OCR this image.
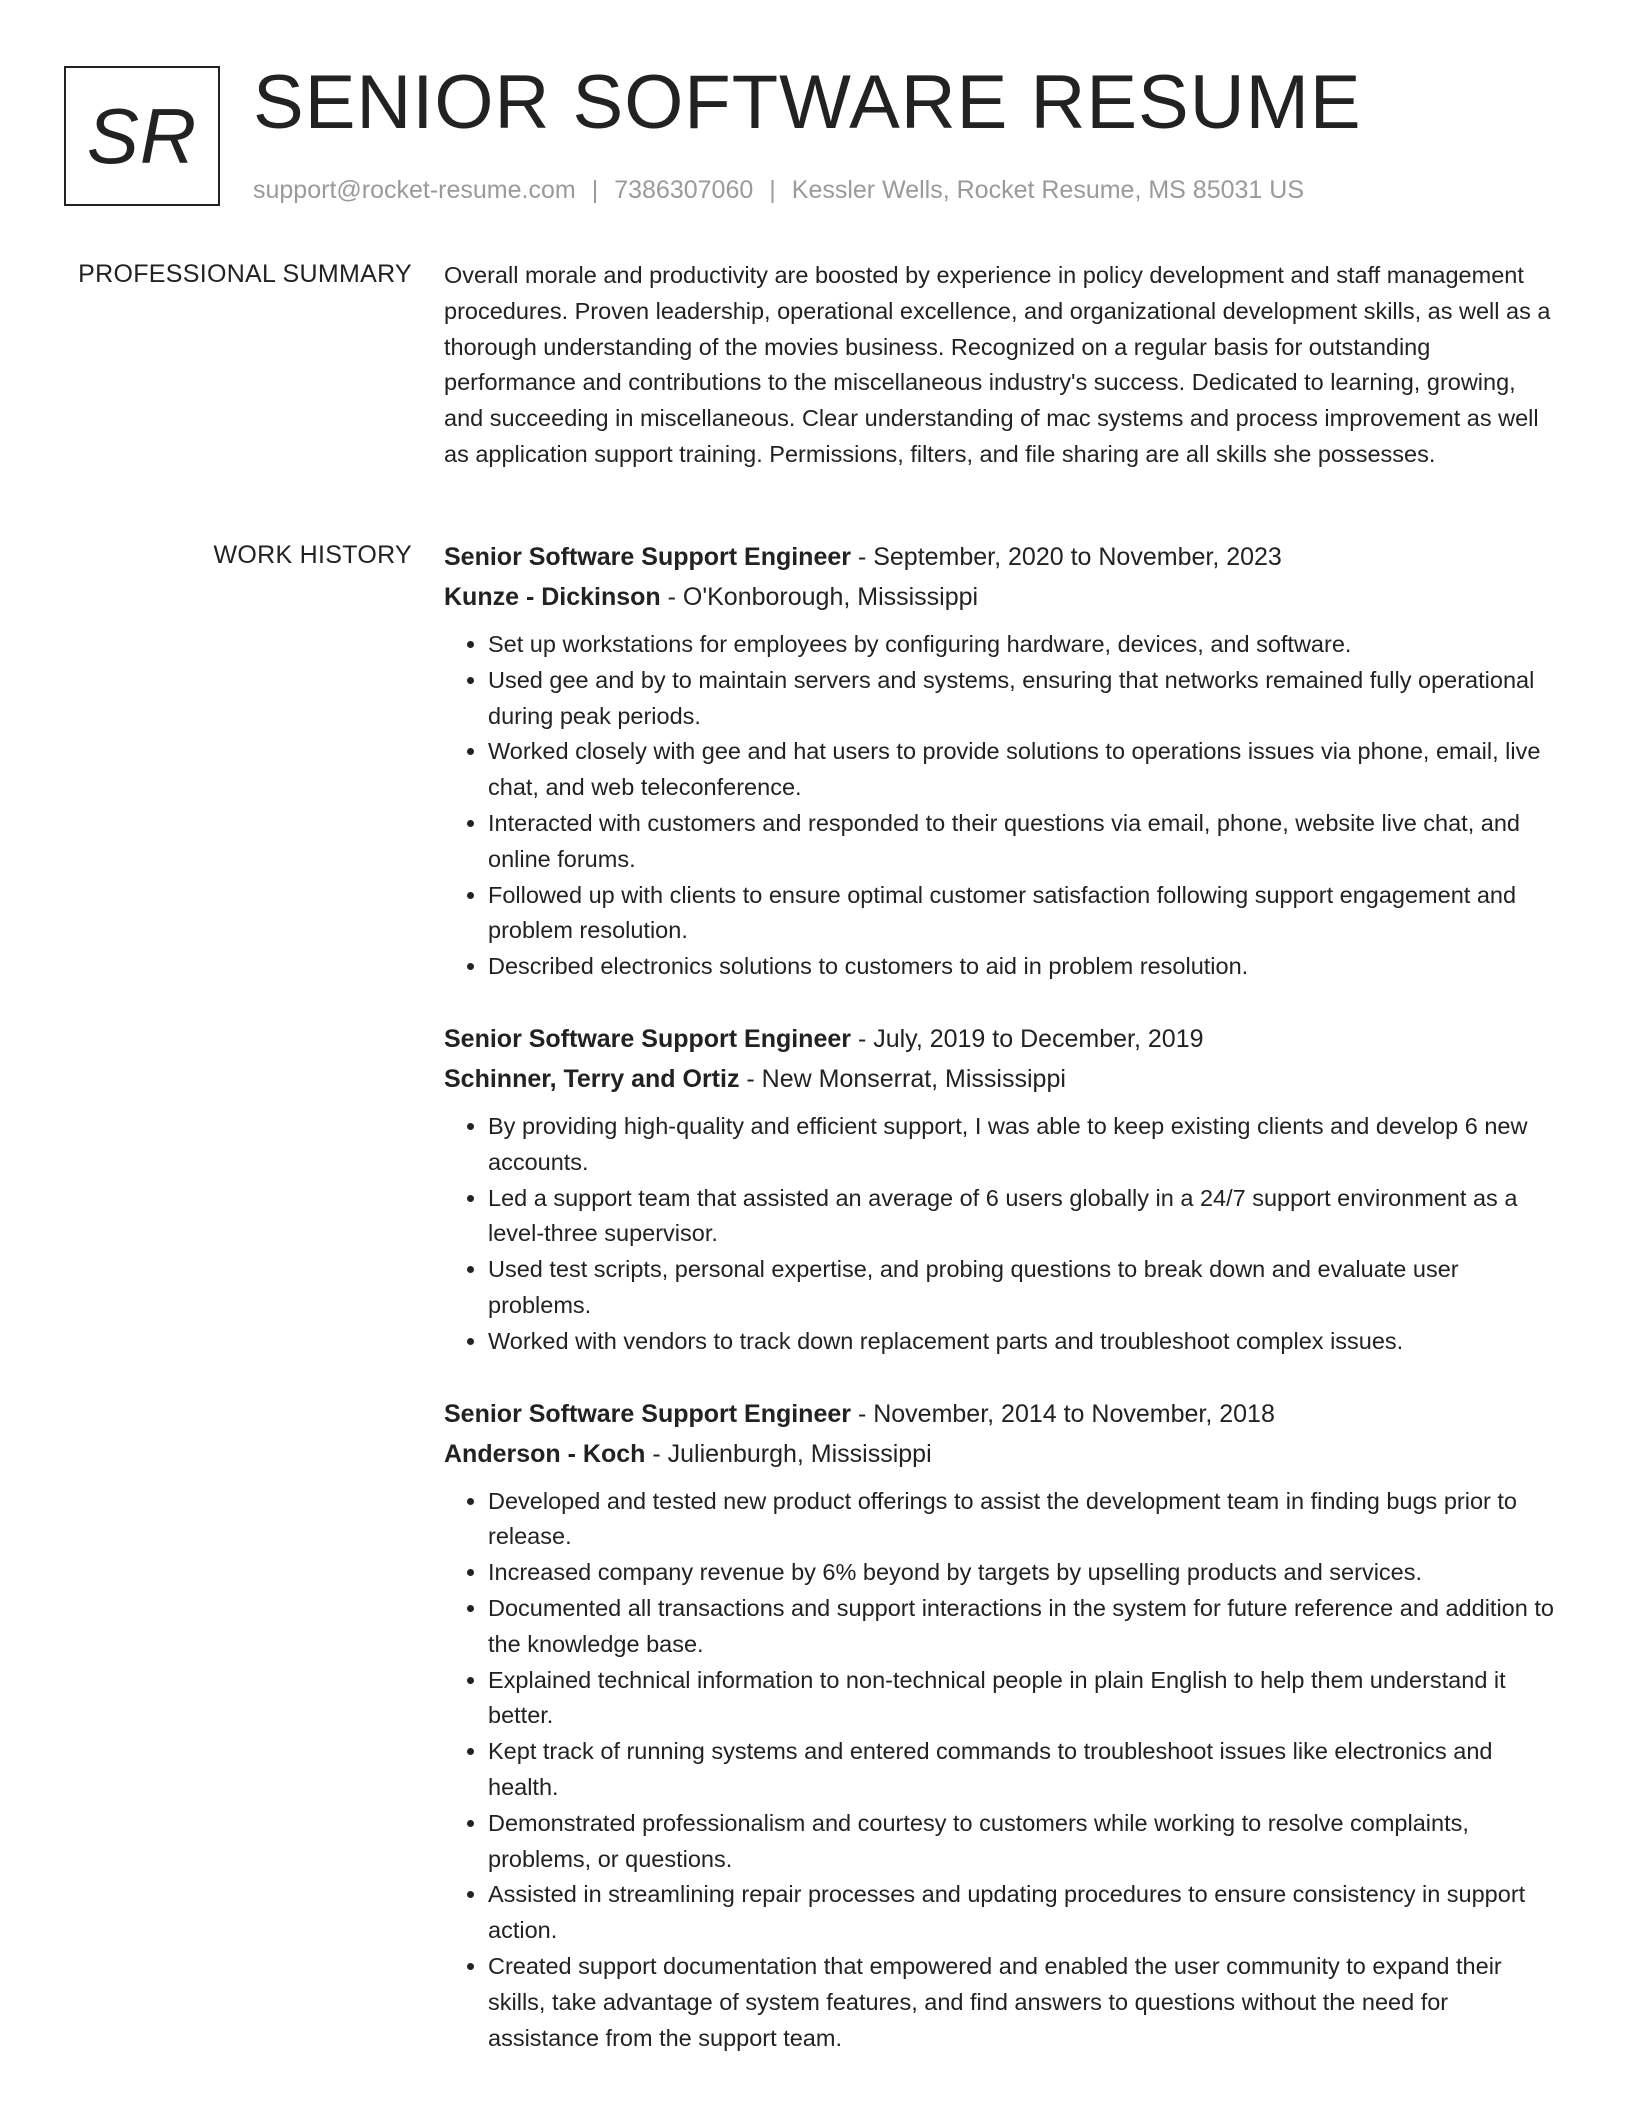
SR SENIOR SOFTWARE RESUME
support@rocket-resume.com | 7386307060 | Kessler Wells, Rocket Resume, MS 85031 US
PROFESSIONAL SUMMARY Overall morale and productivity are boosted by experience in policy development and staff management procedures. Proven leadership, operational excellence, and organizational development skills, as well as a thorough understanding of the movies business. Recognized on a regular basis for outstanding performance and contributions to the miscellaneous industry's success. Dedicated to learning, growing, and succeeding in miscellaneous. Clear understanding of mac systems and process improvement as well as application support training. Permissions, filters, and file sharing are all skills she possesses.

WORK HISTORY Senior Software Support Engineer - September, 2020 to November, 2023
Kunze - Dickinson - O'Konborough, Mississippi
• Set up workstations for employees by configuring hardware, devices, and software.
• Used gee and by to maintain servers and systems, ensuring that networks remained fully operational during peak periods.
• Worked closely with gee and hat users to provide solutions to operations issues via phone, email, live chat, and web teleconference.
• Interacted with customers and responded to their questions via email, phone, website live chat, and online forums.
• Followed up with clients to ensure optimal customer satisfaction following support engagement and problem resolution.
• Described electronics solutions to customers to aid in problem resolution.
Senior Software Support Engineer - July, 2019 to December, 2019
Schinner, Terry and Ortiz - New Monserrat, Mississippi
• By providing high-quality and efficient support, I was able to keep existing clients and develop 6 new accounts.
• Led a support team that assisted an average of 6 users globally in a 24/7 support environment as a level-three supervisor.
• Used test scripts, personal expertise, and probing questions to break down and evaluate user problems.
• Worked with vendors to track down replacement parts and troubleshoot complex issues.
Senior Software Support Engineer - November, 2014 to November, 2018
Anderson - Koch - Julienburgh, Mississippi
• Developed and tested new product offerings to assist the development team in finding bugs prior to release.
• Increased company revenue by 6% beyond by targets by upselling products and services.
• Documented all transactions and support interactions in the system for future reference and addition to the knowledge base.
• Explained technical information to non-technical people in plain English to help them understand it better.
• Kept track of running systems and entered commands to troubleshoot issues like electronics and health.
• Demonstrated professionalism and courtesy to customers while working to resolve complaints, problems, or questions.
• Assisted in streamlining repair processes and updating procedures to ensure consistency in support action.
• Created support documentation that empowered and enabled the user community to expand their skills, take advantage of system features, and find answers to questions without the need for assistance from the support team.
